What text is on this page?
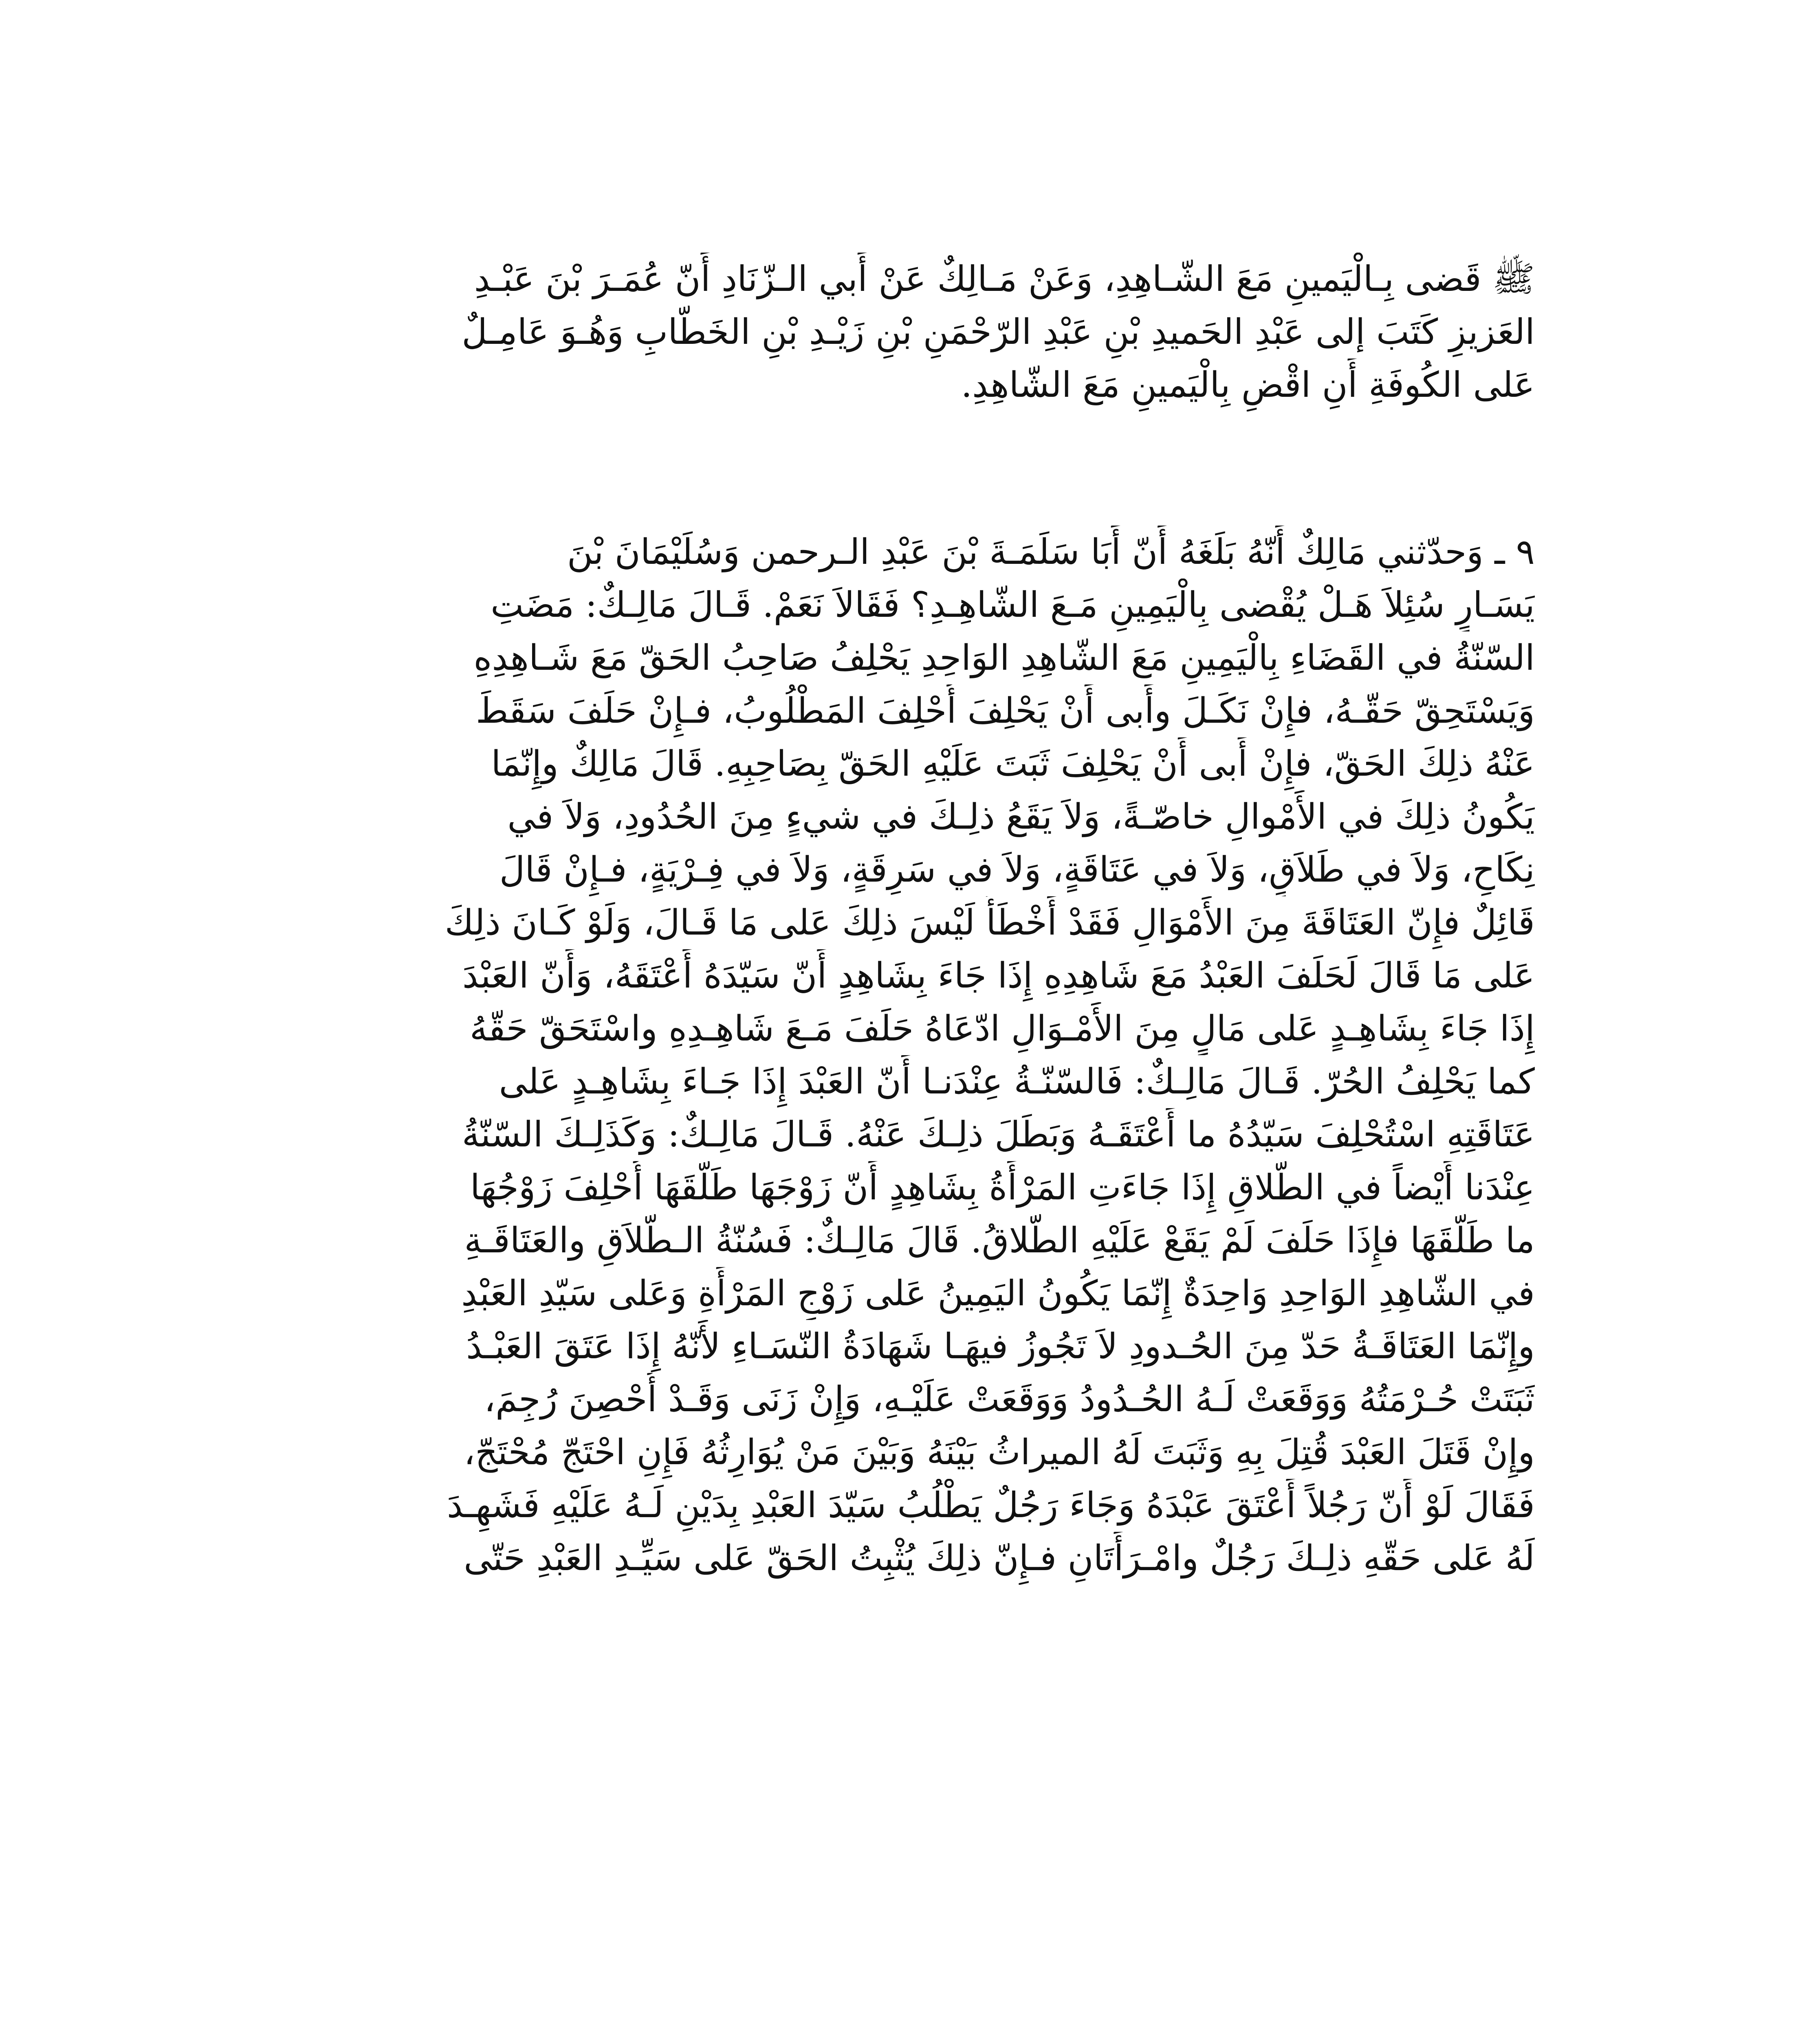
ﷺ قَضى بِـالْيَمينِ مَعَ الشّـاهِدِ، وَعَنْ مَـالِكٌ عَنْ أَبي الـزّنَادِ أَنّ عُمَـرَ بْنَ عَبْـدِ
العَزيزِ كَتَبَ إلى عَبْدِ الحَميدِ بْنِ عَبْدِ الرّحْمَنِ بْنِ زَيْـدِ بْنِ الخَطّابِ وَهُـوَ عَامِـلٌ
عَلى الكُوفَةِ أَنِ اقْضِ بِالْيَمينِ مَعَ الشّاهِدِ.
٩ ـ وَحدّثني مَالِكٌ أَنّهُ بَلَغَهُ أَنّ أَبَا سَلَمَـةَ بْنَ عَبْدِ الـرحمن وَسُلَيْمَانَ بْنَ
يَسَـارٍ سُئِلاَ هَـلْ يُقْضى بِالْيَمِينِ مَـعَ الشّاهِـدِ؟ فَقَالاَ نَعَمْ. قَـالَ مَالِـكٌ: مَضَتِ
السّنّةُ في القَضَاءِ بِالْيَمِينِ مَعَ الشّاهِدِ الوَاحِدِ يَحْلِفُ صَاحِبُ الحَقّ مَعَ شَـاهِدِهِ
وَيَسْتَحِقّ حَقّـهُ، فإِنْ نَكَـلَ وأَبى أَنْ يَحْلِفَ أُحْلِفَ المَطْلُوبُ، فـإِنْ حَلَفَ سَقَطَ
عَنْهُ ذلِكَ الحَقّ، فإِنْ أَبى أَنْ يَحْلِفَ ثَبَتَ عَلَيْهِ الحَقّ بِصَاحِبِهِ. قَالَ مَالِكٌ وإِنّمَا
يَكُونُ ذلِكَ في الأَمْوالِ خاصّـةً، وَلاَ يَقَعُ ذلِـكَ في شيءٍ مِنَ الحُدُودِ، وَلاَ في
نِكَاحٍ، وَلاَ في طَلاَقٍ، وَلاَ في عَتَاقَةٍ، وَلاَ في سَرِقَةٍ، وَلاَ في فِـرْيَةٍ، فـإِنْ قَالَ
قَائِلٌ فإِنّ العَتَاقَةَ مِنَ الأَمْوَالِ فَقَدْ أَخْطَأَ لَيْسَ ذلِكَ عَلى مَا قَـالَ، وَلَوْ كَـانَ ذلِكَ
عَلى مَا قَالَ لَحَلَفَ العَبْدُ مَعَ شَاهِدِهِ إِذَا جَاءَ بِشَاهِدٍ أَنّ سَيّدَهُ أَعْتَقَهُ، وَأَنّ العَبْدَ
إِذَا جَاءَ بِشَاهِـدٍ عَلى مَالٍ مِنَ الأَمْـوَالِ ادّعَاهُ حَلَفَ مَـعَ شَاهِـدِهِ واسْتَحَقّ حَقّهُ
كما يَحْلِفُ الحُرّ. قَـالَ مَالِـكٌ: فَالسّنّـةُ عِنْدَنـا أَنّ العَبْدَ إِذَا جَـاءَ بِشَاهِـدٍ عَلى
عَتَاقَتِهِ اسْتُحْلِفَ سَيّدُهُ ما أَعْتَقَـهُ وَبَطَلَ ذلِـكَ عَنْهُ. قَـالَ مَالِـكٌ: وَكَذَلِـكَ السّنّةُ
عِنْدَنا أَيْضاً في الطّلاقِ إِذَا جَاءَتِ المَرْأَةُ بِشَاهِدٍ أَنّ زَوْجَهَا طَلّقَهَا أُحْلِفَ زَوْجُهَا
ما طَلّقَهَا فإِذَا حَلَفَ لَمْ يَقَعْ عَلَيْهِ الطّلاقُ. قَالَ مَالِـكٌ: فَسُنّةُ الـطّلاَقِ والعَتَاقَـةِ
في الشّاهِدِ الوَاحِدِ وَاحِدَةٌ إِنّمَا يَكُونُ اليَمِينُ عَلى زَوْجِ المَرْأَةِ وَعَلى سَيّدِ العَبْدِ
وإِنّمَا العَتَاقَـةُ حَدّ مِنَ الحُـدودِ لاَ تَجُوزُ فيهَـا شَهَادَةُ النّسَـاءِ لأَنّهُ إِذَا عَتَقَ العَبْـدُ
ثَبَتَتْ حُـرْمَتُهُ وَوَقَعَتْ لَـهُ الحُـدُودُ وَوَقَعَتْ عَلَيْـهِ، وَإِنْ زَنَى وَقَـدْ أُحْصِنَ رُجِمَ،
وإِنْ قَتَلَ العَبْدَ قُتِلَ بِهِ وَثَبَتَ لَهُ الميراثُ بَيْنَهُ وَبَيْنَ مَنْ يُوَارِثُهُ فَإِنِ احْتَجّ مُحْتَجّ،
فَقَالَ لَوْ أَنّ رَجُلاً أَعْتَقَ عَبْدَهُ وَجَاءَ رَجُلٌ يَطْلُبُ سَيّدَ العَبْدِ بِدَيْنٍ لَـهُ عَلَيْهِ فَشَهِـدَ
لَهُ عَلى حَقّهِ ذلِـكَ رَجُلٌ وامْـرَأَتَانِ فـإِنّ ذلِكَ يُثْبِتُ الحَقّ عَلى سَيِّـدِ العَبْدِ حَتّى
